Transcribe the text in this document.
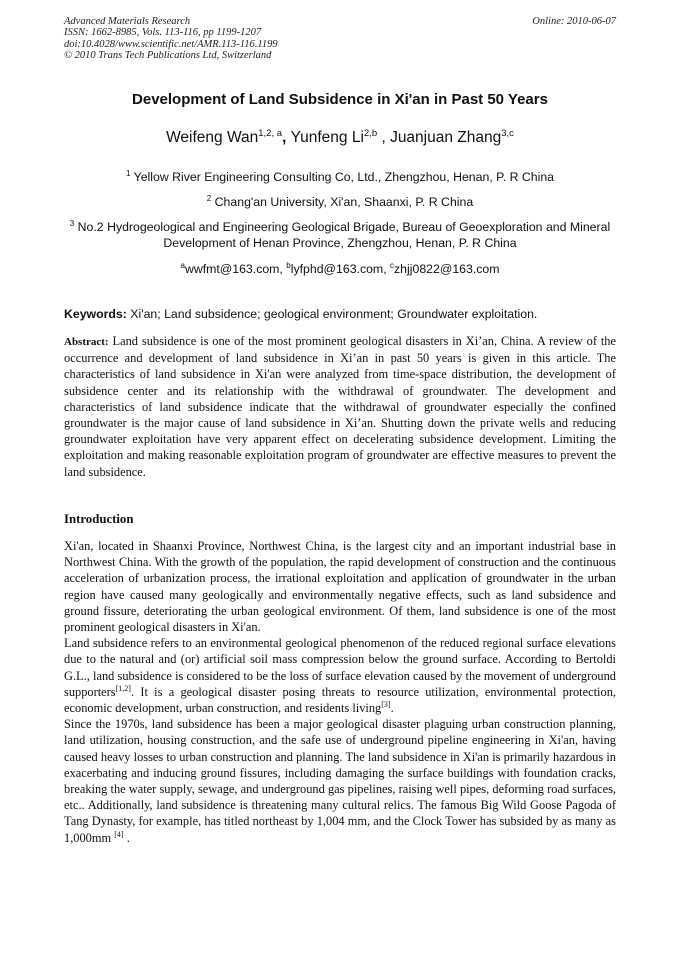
Advanced Materials Research
ISSN: 1662-8985, Vols. 113-116, pp 1199-1207
doi:10.4028/www.scientific.net/AMR.113-116.1199
© 2010 Trans Tech Publications Ltd, Switzerland
Online: 2010-06-07
Development of Land Subsidence in Xi'an in Past 50 Years
Weifeng Wan$^{1,2, a}$, Yunfeng Li$^{2,b}$ , Juanjuan Zhang$^{3,c}$
$^1$ Yellow River Engineering Consulting Co, Ltd., Zhengzhou, Henan, P. R China
$^2$ Chang'an University, Xi'an, Shaanxi, P. R China
$^3$ No.2 Hydrogeological and Engineering Geological Brigade, Bureau of Geoexploration and Mineral Development of Henan Province, Zhengzhou, Henan, P. R China
$^a$wwfmt@163.com, $^b$lyfphd@163.com, $^c$zhjj0822@163.com
Keywords: Xi'an; Land subsidence; geological environment; Groundwater exploitation.

Abstract: Land subsidence is one of the most prominent geological disasters in Xi’an, China. A review of the occurrence and development of land subsidence in Xi’an in past 50 years is given in this article. The characteristics of land subsidence in Xi'an were analyzed from time-space distribution, the development of subsidence center and its relationship with the withdrawal of groundwater. The development and characteristics of land subsidence indicate that the withdrawal of groundwater especially the confined groundwater is the major cause of land subsidence in Xi’an. Shutting down the private wells and reducing groundwater exploitation have very apparent effect on decelerating subsidence development. Limiting the exploitation and making reasonable exploitation program of groundwater are effective measures to prevent the land subsidence.

Introduction

Xi'an, located in Shaanxi Province, Northwest China, is the largest city and an important industrial base in Northwest China. With the growth of the population, the rapid development of construction and the continuous acceleration of urbanization process, the irrational exploitation and application of groundwater in the urban region have caused many geologically and environmentally negative effects, such as land subsidence and ground fissure, deteriorating the urban geological environment. Of them, land subsidence is one of the most prominent geological disasters in Xi'an.

Land subsidence refers to an environmental geological phenomenon of the reduced regional surface elevations due to the natural and (or) artificial soil mass compression below the ground surface. According to Bertoldi G.L., land subsidence is considered to be the loss of surface elevation caused by the movement of underground supporters[1,2]. It is a geological disaster posing threats to resource utilization, environmental protection, economic development, urban construction, and residents living[3].

Since the 1970s, land subsidence has been a major geological disaster plaguing urban construction planning, land utilization, housing construction, and the safe use of underground pipeline engineering in Xi'an, having caused heavy losses to urban construction and planning. The land subsidence in Xi'an is primarily hazardous in exacerbating and inducing ground fissures, including damaging the surface buildings with foundation cracks, breaking the water supply, sewage, and underground gas pipelines, raising well pipes, deforming road surfaces, etc.. Additionally, land subsidence is threatening many cultural relics. The famous Big Wild Goose Pagoda of Tang Dynasty, for example, has titled northeast by 1,004 mm, and the Clock Tower has subsided by as many as 1,000mm [4] .
